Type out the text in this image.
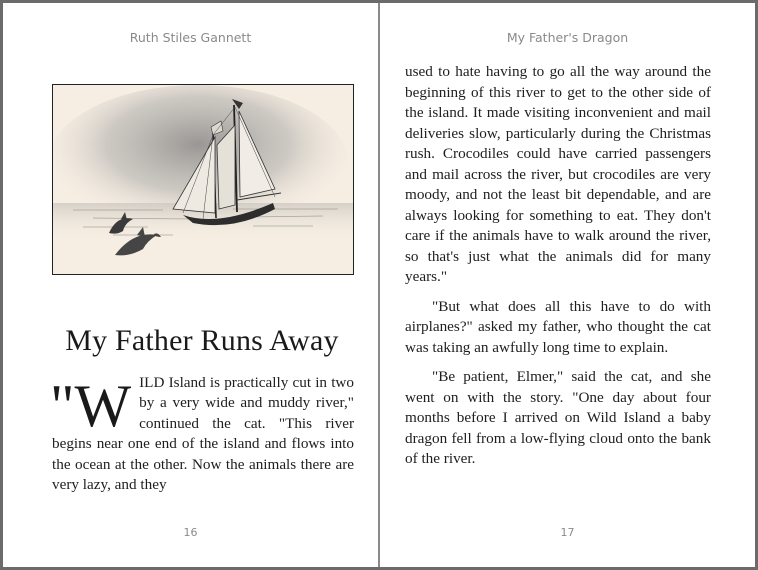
Ruth Stiles Gannett
My Father Runs Away
"WILD Island is practically cut in two by a very wide and muddy river," continued the cat. "This river begins near one end of the island and flows into the ocean at the other. Now the animals there are very lazy, and they
16
My Father's Dragon

used to hate having to go all the way around the beginning of this river to get to the other side of the island. It made visiting inconvenient and mail deliveries slow, particularly during the Christmas rush. Crocodiles could have carried passengers and mail across the river, but crocodiles are very moody, and not the least bit dependable, and are always looking for something to eat. They don't care if the animals have to walk around the river, so that's just what the animals did for many years."

"But what does all this have to do with airplanes?" asked my father, who thought the cat was taking an awfully long time to explain.

"Be patient, Elmer," said the cat, and she went on with the story. "One day about four months before I arrived on Wild Island a baby dragon fell from a low-flying cloud onto the bank of the river.

17
